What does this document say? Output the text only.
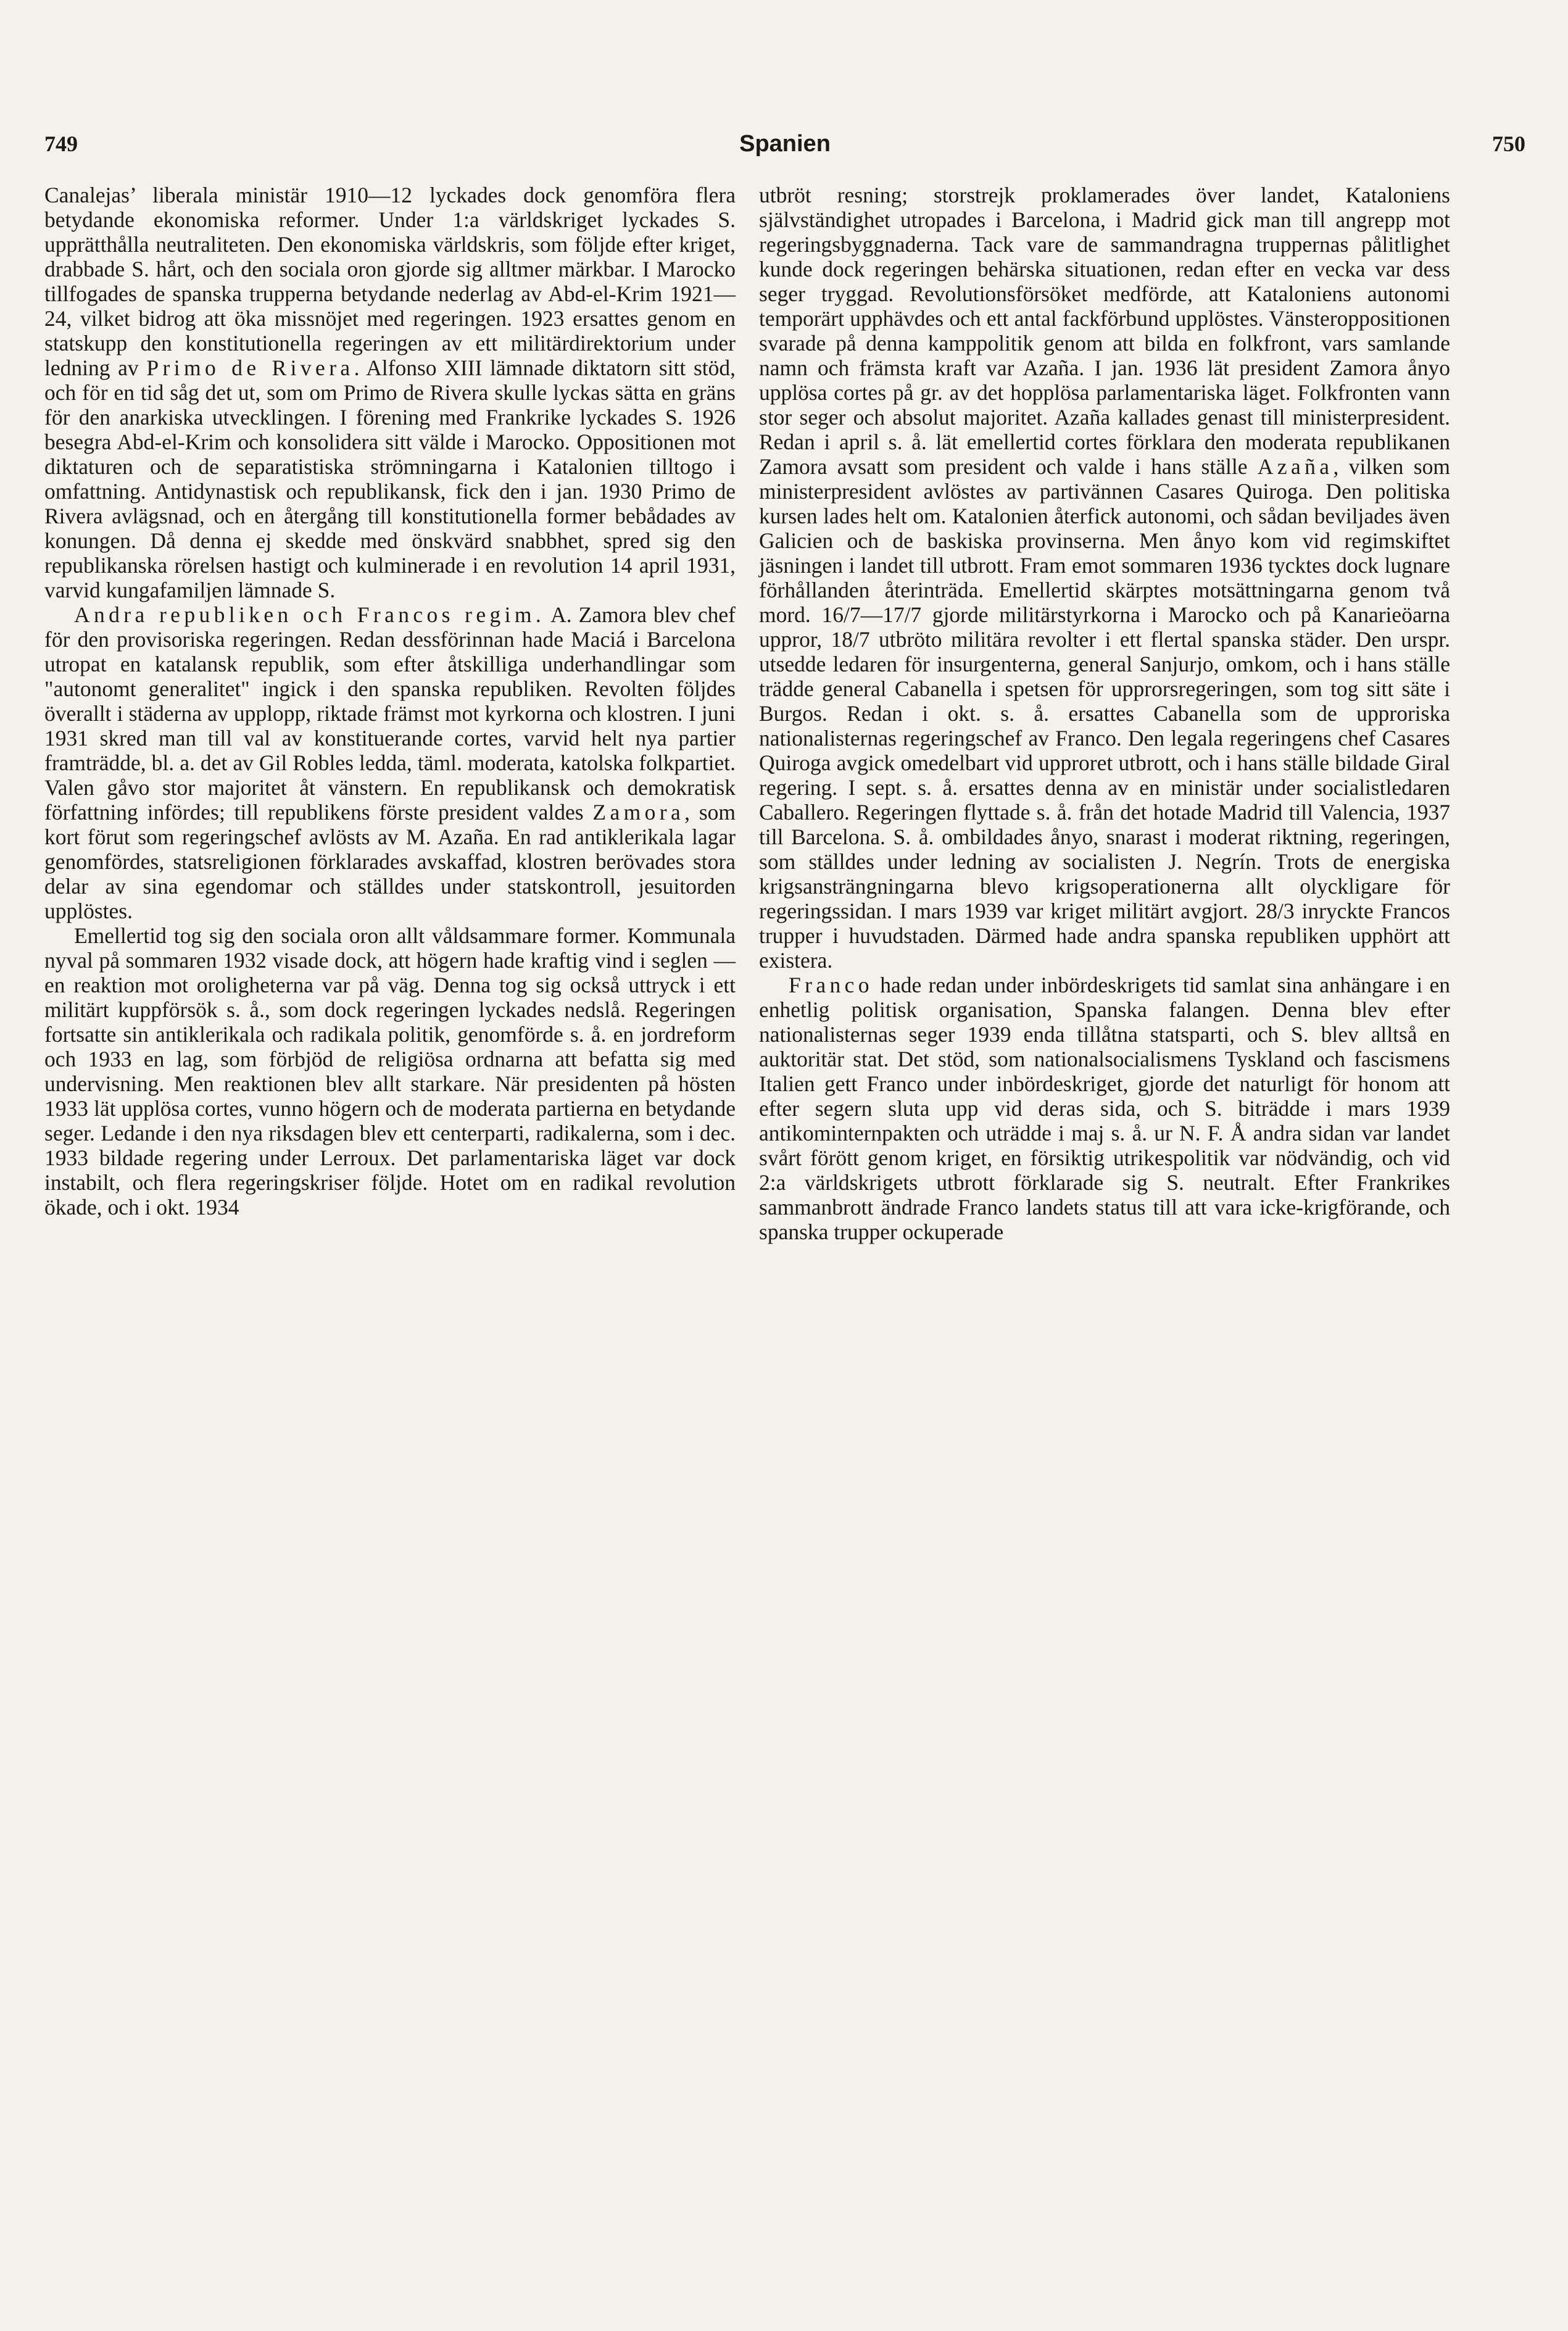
749	Spanien	750

Canalejas’ liberala ministär 1910—12 lyckades dock genomföra flera betydande ekonomiska reformer. Under 1:a världskriget lyckades S. upprätthålla neutraliteten. Den ekonomiska världskris, som följde efter kriget, drabbade S. hårt, och den sociala oron gjorde sig alltmer märkbar. I Marocko tillfogades de spanska trupperna betydande nederlag av Abd-el-Krim 1921—24, vilket bidrog att öka missnöjet med regeringen. 1923 ersattes genom en statskupp den konstitutionella regeringen av ett militärdirektorium under ledning av Primo de Rivera. Alfonso XIII lämnade diktatorn sitt stöd, och för en tid såg det ut, som om Primo de Rivera skulle lyckas sätta en gräns för den anarkiska utvecklingen. I förening med Frankrike lyckades S. 1926 besegra Abd-el-Krim och konsolidera sitt välde i Marocko. Oppositionen mot diktaturen och de separatistiska strömningarna i Katalonien tilltogo i omfattning. Antidynastisk och republikansk, fick den i jan. 1930 Primo de Rivera avlägsnad, och en återgång till konstitutionella former bebådades av konungen. Då denna ej skedde med önskvärd snabbhet, spred sig den republikanska rörelsen hastigt och kulminerade i en revolution 14 april 1931, varvid kungafamiljen lämnade S.

Andra republiken och Francos regim. A. Zamora blev chef för den provisoriska regeringen. Redan dessförinnan hade Maciá i Barcelona utropat en katalansk republik, som efter åtskilliga underhandlingar som "autonomt generalitet" ingick i den spanska republiken. Revolten följdes överallt i städerna av upplopp, riktade främst mot kyrkorna och klostren. I juni 1931 skred man till val av konstituerande cortes, varvid helt nya partier framträdde, bl. a. det av Gil Robles ledda, täml. moderata, katolska folkpartiet. Valen gåvo stor majoritet åt vänstern. En republikansk och demokratisk författning infördes; till republikens förste president valdes Zamora, som kort förut som regeringschef avlösts av M. Azaña. En rad antiklerikala lagar genomfördes, statsreligionen förklarades avskaffad, klostren berövades stora delar av sina egendomar och ställdes under statskontroll, jesuitorden upplöstes.

Emellertid tog sig den sociala oron allt våldsammare former. Kommunala nyval på sommaren 1932 visade dock, att högern hade kraftig vind i seglen — en reaktion mot oroligheterna var på väg. Denna tog sig också uttryck i ett militärt kuppförsök s. å., som dock regeringen lyckades nedslå. Regeringen fortsatte sin antiklerikala och radikala politik, genomförde s. å. en jordreform och 1933 en lag, som förbjöd de religiösa ordnarna att befatta sig med undervisning. Men reaktionen blev allt starkare. När presidenten på hösten 1933 lät upplösa cortes, vunno högern och de moderata partierna en betydande seger. Ledande i den nya riksdagen blev ett centerparti, radikalerna, som i dec. 1933 bildade regering under Lerroux. Det parlamentariska läget var dock instabilt, och flera regeringskriser följde. Hotet om en radikal revolution ökade, och i okt. 1934

utbröt resning; storstrejk proklamerades över landet, Kataloniens självständighet utropades i Barcelona, i Madrid gick man till angrepp mot regeringsbyggnaderna. Tack vare de sammandragna truppernas pålitlighet kunde dock regeringen behärska situationen, redan efter en vecka var dess seger tryggad. Revolutionsförsöket medförde, att Kataloniens autonomi temporärt upphävdes och ett antal fackförbund upplöstes. Vänsteroppositionen svarade på denna kamppolitik genom att bilda en folkfront, vars samlande namn och främsta kraft var Azaña. I jan. 1936 lät president Zamora ånyo upplösa cortes på gr. av det hopplösa parlamentariska läget. Folkfronten vann stor seger och absolut majoritet. Azaña kallades genast till ministerpresident. Redan i april s. å. lät emellertid cortes förklara den moderata republikanen Zamora avsatt som president och valde i hans ställe Azaña, vilken som ministerpresident avlöstes av partivännen Casares Quiroga. Den politiska kursen lades helt om. Katalonien återfick autonomi, och sådan beviljades även Galicien och de baskiska provinserna. Men ånyo kom vid regimskiftet jäsningen i landet till utbrott. Fram emot sommaren 1936 tycktes dock lugnare förhållanden återinträda. Emellertid skärptes motsättningarna genom två mord. 16/7—17/7 gjorde militärstyrkorna i Marocko och på Kanarieöarna uppror, 18/7 utbröto militära revolter i ett flertal spanska städer. Den urspr. utsedde ledaren för insurgenterna, general Sanjurjo, omkom, och i hans ställe trädde general Cabanella i spetsen för upprorsregeringen, som tog sitt säte i Burgos. Redan i okt. s. å. ersattes Cabanella som de upproriska nationalisternas regeringschef av Franco. Den legala regeringens chef Casares Quiroga avgick omedelbart vid upproret utbrott, och i hans ställe bildade Giral regering. I sept. s. å. ersattes denna av en ministär under socialistledaren Caballero. Regeringen flyttade s. å. från det hotade Madrid till Valencia, 1937 till Barcelona. S. å. ombildades ånyo, snarast i moderat riktning, regeringen, som ställdes under ledning av socialisten J. Negrín. Trots de energiska krigsansträngningarna blevo krigsoperationerna allt olyckligare för regeringssidan. I mars 1939 var kriget militärt avgjort. 28/3 inryckte Francos trupper i huvudstaden. Därmed hade andra spanska republiken upphört att existera.

Franco hade redan under inbördeskrigets tid samlat sina anhängare i en enhetlig politisk organisation, Spanska falangen. Denna blev efter nationalisternas seger 1939 enda tillåtna statsparti, och S. blev alltså en auktoritär stat. Det stöd, som nationalsocialismens Tyskland och fascismens Italien gett Franco under inbördeskriget, gjorde det naturligt för honom att efter segern sluta upp vid deras sida, och S. biträdde i mars 1939 antikominternpakten och uträdde i maj s. å. ur N. F. Å andra sidan var landet svårt förött genom kriget, en försiktig utrikespolitik var nödvändig, och vid 2:a världskrigets utbrott förklarade sig S. neutralt. Efter Frankrikes sammanbrott ändrade Franco landets status till att vara icke-krigförande, och spanska trupper ockuperade
